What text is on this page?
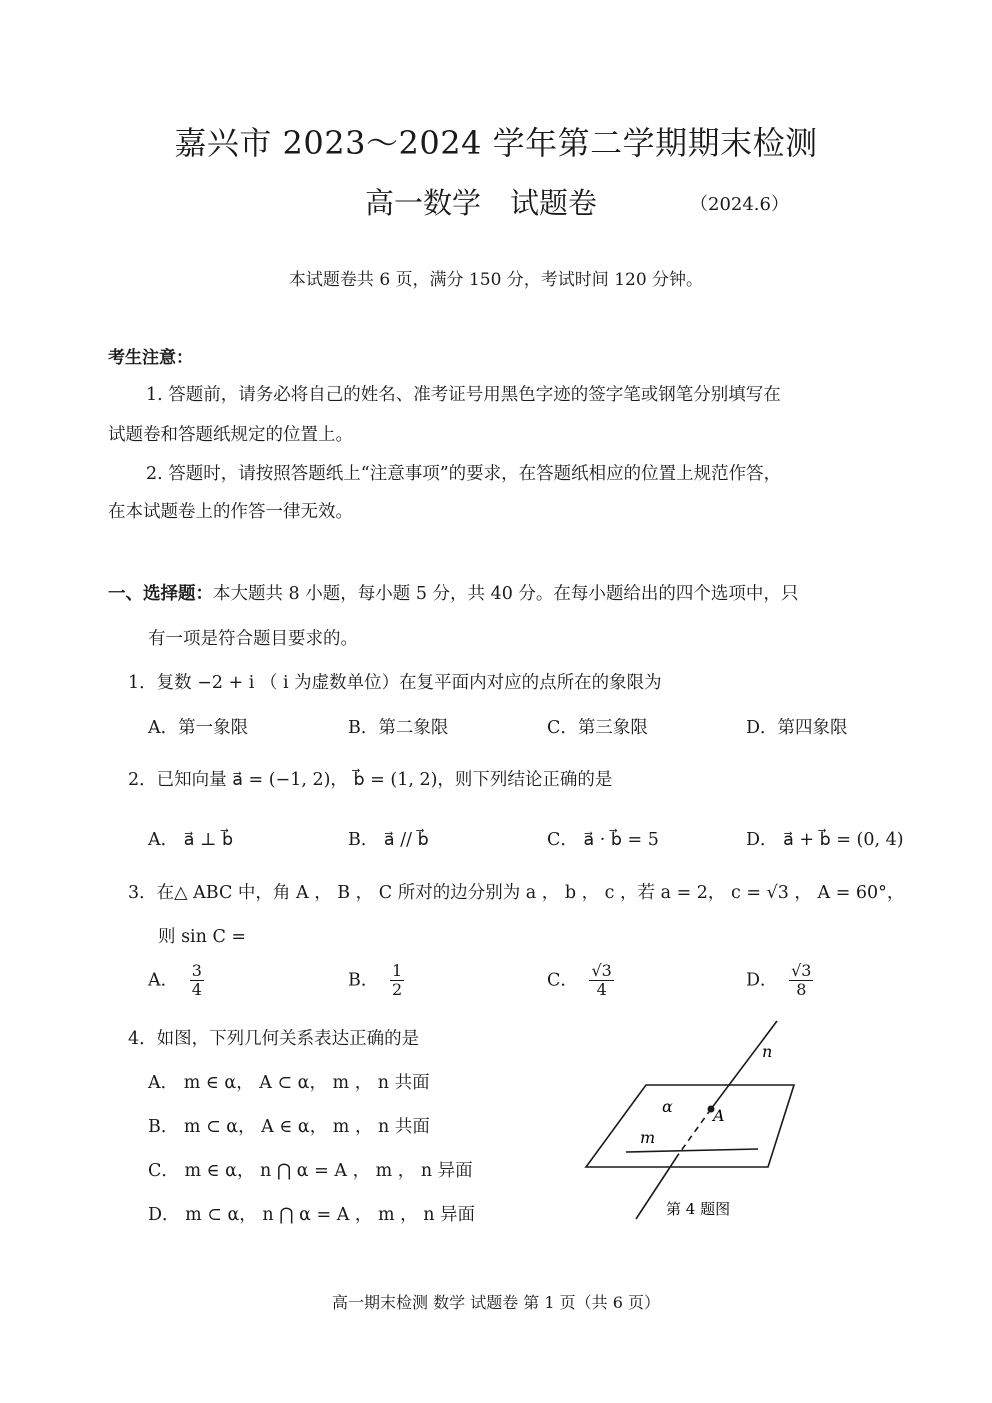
嘉兴市 2023～2024 学年第二学期期末检测
高一数学　试题卷	（2024.6）
本试题卷共 6 页，满分 150 分，考试时间 120 分钟。
考生注意：
1. 答题前，请务必将自己的姓名、准考证号用黑色字迹的签字笔或钢笔分别填写在
试题卷和答题纸规定的位置上。
2. 答题时，请按照答题纸上“注意事项”的要求，在答题纸相应的位置上规范作答，
在本试题卷上的作答一律无效。
一、选择题：本大题共 8 小题，每小题 5 分，共 40 分。在每小题给出的四个选项中，只
有一项是符合题目要求的。
1．复数 −2 + i （ i 为虚数单位）在复平面内对应的点所在的象限为
A．第一象限	B．第二象限	C．第三象限	D．第四象限
2．已知向量 a⃗ = (−1, 2)， b⃗ = (1, 2)，则下列结论正确的是
A． a⃗ ⊥ b⃗	B． a⃗ // b⃗	C． a⃗ · b⃗ = 5	D． a⃗ + b⃗ = (0, 4)
3．在△ ABC 中，角 A ， B ， C 所对的边分别为 a ， b ， c ，若 a = 2， c = √3 ， A = 60°，
则 sin C =
A． $\frac{3}{4}$	B． $\frac{1}{2}$	C． $\frac{√3}{4}$	D． $\frac{√3}{8}$
4．如图，下列几何关系表达正确的是
A． m ∈ α， A ⊂ α， m ， n 共面
B． m ⊂ α， A ∈ α， m ， n 共面
C． m ∈ α， n ⋂ α = A ， m ， n 异面
D． m ⊂ α， n ⋂ α = A ， m ， n 异面
n
α	A
m
第 4 题图
高一期末检测 数学 试题卷 第 1 页（共 6 页）
